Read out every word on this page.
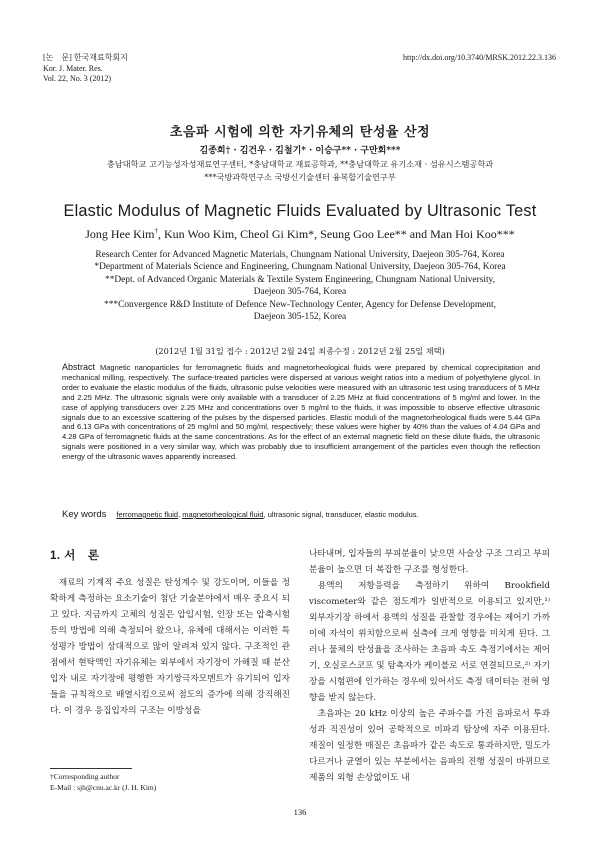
[논　문] 한국재료학회지
Kor. J. Mater. Res.
Vol. 22, No. 3 (2012)
http://dx.doi.org/10.3740/MRSK.2012.22.3.136
초음파 시험에 의한 자기유체의 탄성율 산정
김종희† · 김건우 · 김철기* · 이승구** · 구만회***
충남대학교 고기능성자성재료연구센터, *충남대학교 재료공학과, **충남대학교 유기소재 · 섬유시스템공학과
***국방과학연구소 국방신기술센터 융복합기술연구부
Elastic Modulus of Magnetic Fluids Evaluated by Ultrasonic Test
Jong Hee Kim†, Kun Woo Kim, Cheol Gi Kim*, Seung Goo Lee** and Man Hoi Koo***
Research Center for Advanced Magnetic Materials, Chungnam National University, Daejeon 305-764, Korea
*Department of Materials Science and Engineering, Chungnam National University, Daejeon 305-764, Korea
**Dept. of Advanced Organic Materials & Textile System Engineering, Chungnam National University,
Daejeon 305-764, Korea
***Convergence R&D Institute of Defence New-Technology Center, Agency for Defense Development,
Daejeon 305-152, Korea
(2012년 1월 31일 접수 : 2012년 2월 24일 최종수정 : 2012년 2월 25일 채택)
Abstract Magnetic nanoparticles for ferromagnetic fluids and magnetorheological fluids were prepared by chemical coprecipitation and mechanical milling, respectively. The surface-treated particles were dispersed at various weight ratios into a medium of polyethylene glycol. In order to evaluate the elastic modulus of the fluids, ultrasonic pulse velocities were measured with an ultrasonic test using transducers of 5 MHz and 2.25 MHz. The ultrasonic signals were only available with a transducer of 2.25 MHz at fluid concentrations of 5 mg/ml and lower. In the case of applying transducers over 2.25 MHz and concentrations over 5 mg/ml to the fluids, it was impossible to observe effective ultrasonic signals due to an excessive scattering of the pulses by the dispersed particles. Elastic moduli of the magnetorheological fluids were 5.44 GPa and 6.13 GPa with concentrations of 25 mg/ml and 50 mg/ml, respectively; these values were higher by 40% than the values of 4.04 GPa and 4.28 GPa of ferromagnetic fluids at the same concentrations. As for the effect of an external magnetic field on these dilute fluids, the ultrasonic signals were positioned in a very similar way, which was probably due to insufficient arrangement of the particles even though the reflection energy of the ultrasonic waves apparently increased.
Key words ferromagnetic fluid, magnetorheological fluid, ultrasonic signal, transducer, elastic modulus.
1. 서　론

재료의 기계적 주요 성질은 탄성계수 및 강도이며, 이들을 정확하게 측정하는 요소기술이 첨단 기술분야에서 매우 중요시 되고 있다. 지금까지 고체의 성질은 압입시험, 인장 또는 압축시험 등의 방법에 의해 측정되어 왔으나, 유체에 대해서는 이러한 특성평가 방법이 상대적으로 많이 알려져 있지 않다. 구조적인 관점에서 현탁액인 자기유체는 외부에서 자기장이 가해질 때 분산입자 내로 자기장에 평행한 자기쌍극자모멘트가 유기되어 입자들을 규칙적으로 배열시킴으로써 점도의 증가에 의해 강직해진다. 이 경우 응집입자의 구조는 이방성을

나타내며, 입자들의 부피분율이 낮으면 사슬상 구조 그리고 부피분율이 높으면 더 복잡한 구조를 형성한다.

용액의 저항응력을 측정하기 위하여 Brookfield viscometer와 같은 점도계가 일반적으로 이용되고 있지만,¹⁾ 외부자기장 하에서 용액의 성질을 관찰할 경우에는 제어기 가까이에 자석이 위치함으로써 실측에 크게 영향을 미치게 된다. 그러나 물체의 탄성율을 조사하는 초음파 속도 측정기에서는 제어기, 오실로스코프 및 탐촉자가 케이블로 서로 연결되므로,²⁾ 자기장을 시험편에 인가하는 경우에 있어서도 측정 데이터는 전혀 영향을 받지 않는다.

초음파는 20 kHz 이상의 높은 주파수를 가진 음파로서 투과성과 직진성이 있어 공학적으로 비파괴 탐상에 자주 이용된다. 재질이 일정한 매질은 초음파가 같은 속도로 통과하지만, 밀도가 다르거나 균열이 있는 부분에서는 음파의 진행 성질이 바뀌므로 제품의 외형 손상없이도 내

†Corresponding author
E-Mail : sjh@cnu.ac.kr (J. H. Kim)
136
